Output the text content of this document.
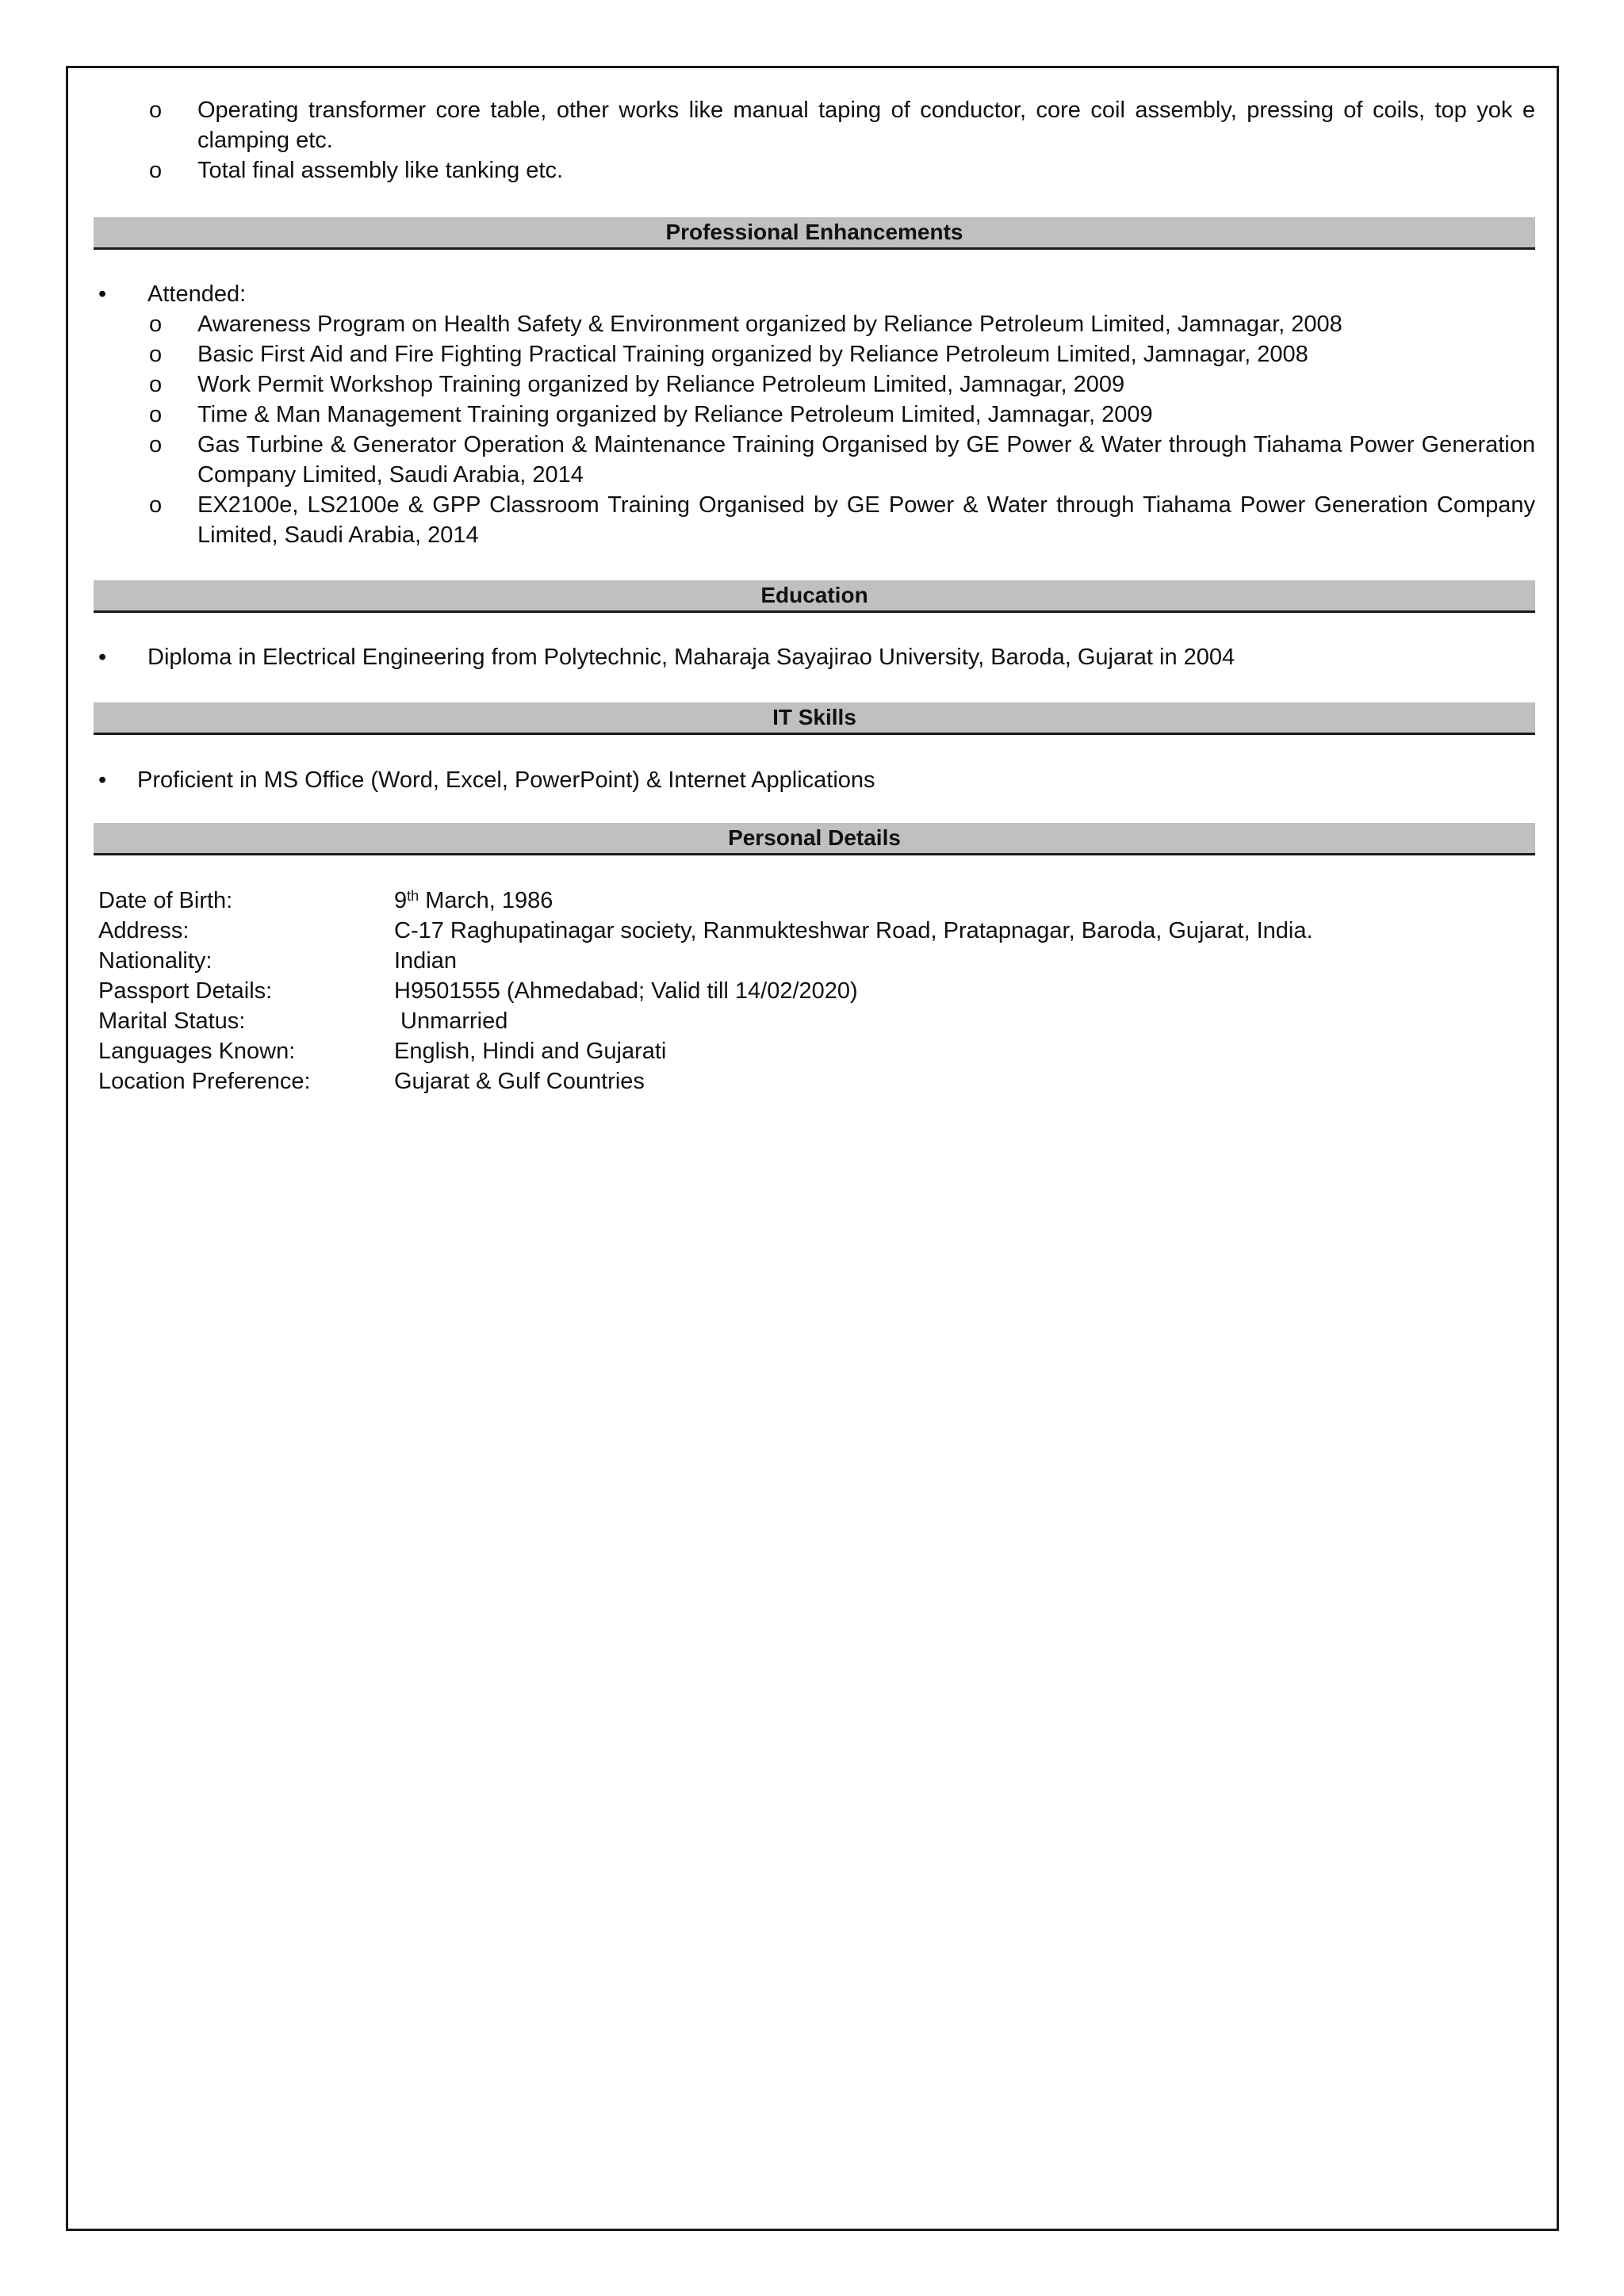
o Operating transformer core table, other works like manual taping of conductor, core coil assembly, pressing of coils, top yok e clamping etc.
o Total final assembly like tanking etc.
Professional Enhancements
• Attended:
o Awareness Program on Health Safety & Environment organized by Reliance Petroleum Limited, Jamnagar, 2008
o Basic First Aid and Fire Fighting Practical Training organized by Reliance Petroleum Limited, Jamnagar, 2008
o Work Permit Workshop Training organized by Reliance Petroleum Limited, Jamnagar, 2009
o Time & Man Management Training organized by Reliance Petroleum Limited, Jamnagar, 2009
o Gas Turbine & Generator Operation & Maintenance Training Organised by GE Power & Water through Tiahama Power Generation Company Limited, Saudi Arabia, 2014
o EX2100e, LS2100e & GPP Classroom Training Organised by GE Power & Water through Tiahama Power Generation Company Limited, Saudi Arabia, 2014
Education
• Diploma in Electrical Engineering from Polytechnic, Maharaja Sayajirao University, Baroda, Gujarat in 2004
IT Skills
• Proficient in MS Office (Word, Excel, PowerPoint) & Internet Applications
Personal Details
Date of Birth:	9th March, 1986
Address:	C-17 Raghupatinagar society, Ranmukteshwar Road, Pratapnagar, Baroda, Gujarat, India.
Nationality:	Indian
Passport Details:	H9501555 (Ahmedabad; Valid till 14/02/2020)
Marital Status:	Unmarried
Languages Known:	English, Hindi and Gujarati
Location Preference:	Gujarat & Gulf Countries
